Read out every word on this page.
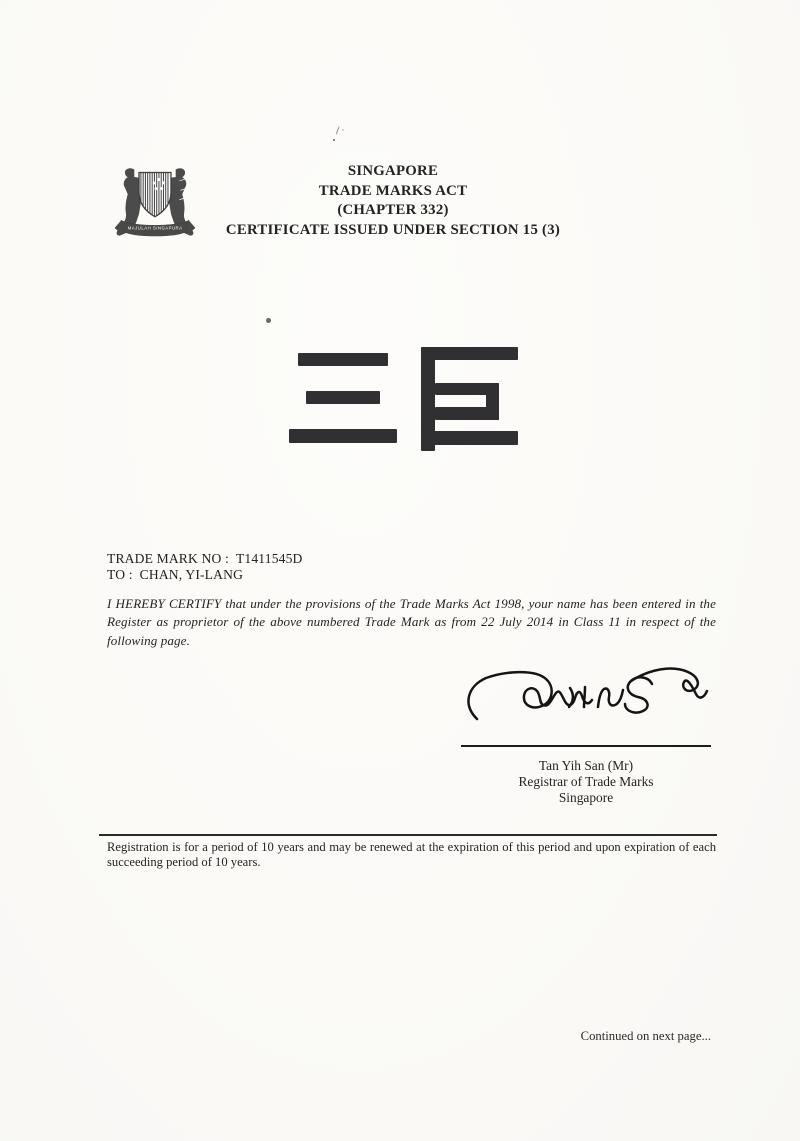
MAJULAH SINGAPURA
SINGAPORE
TRADE MARKS ACT
(CHAPTER 332)
CERTIFICATE ISSUED UNDER SECTION 15 (3)
TRADE MARK NO : T1411545D
TO : CHAN, YI-LANG

I HEREBY CERTIFY that under the provisions of the Trade Marks Act 1998, your name has been entered in the Register as proprietor of the above numbered Trade Mark as from 22 July 2014 in Class 11 in respect of the following page.

Tan Yih San (Mr)
Registrar of Trade Marks
Singapore

Registration is for a period of 10 years and may be renewed at the expiration of this period and upon expiration of each succeeding period of 10 years.

Continued on next page...
